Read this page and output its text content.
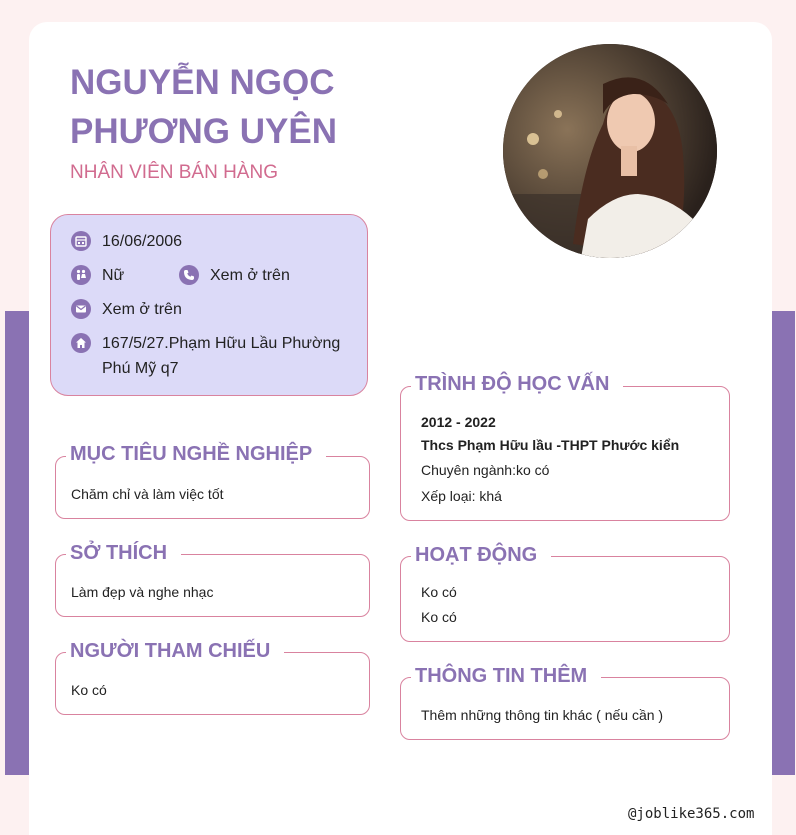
NGUYỄN NGỌC PHƯƠNG UYÊN
NHÂN VIÊN BÁN HÀNG
16/06/2006
Nữ	Xem ở trên
Xem ở trên
167/5/27.Phạm Hữu Lầu Phường Phú Mỹ q7
MỤC TIÊU NGHỀ NGHIỆP
Chăm chỉ và làm việc tốt
SỞ THÍCH
Làm đẹp và nghe nhạc
NGƯỜI THAM CHIẾU
Ko có
TRÌNH ĐỘ HỌC VẤN
2012 - 2022
Thcs Phạm Hữu lầu -THPT Phước kiển
Chuyên ngành:ko có
Xếp loại: khá
HOẠT ĐỘNG
Ko có
Ko có
THÔNG TIN THÊM
Thêm những thông tin khác ( nếu cần )
@joblike365.com
